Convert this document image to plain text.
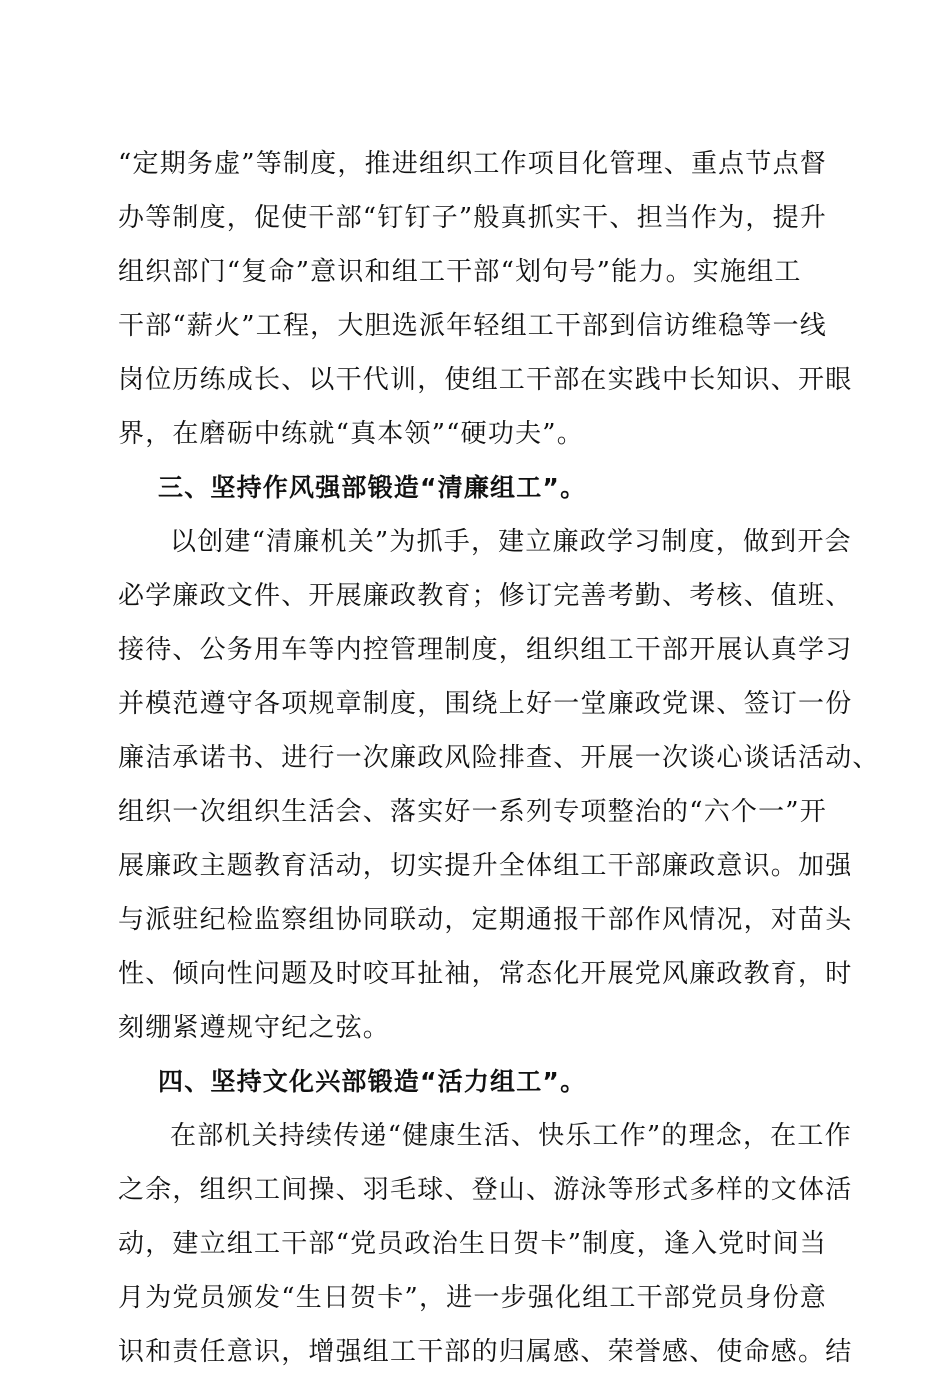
“定期务虚”等制度，推进组织工作项目化管理、重点节点督
办等制度，促使干部“钉钉子”般真抓实干、担当作为，提升
组织部门“复命”意识和组工干部“划句号”能力。实施组工
干部“薪火”工程，大胆选派年轻组工干部到信访维稳等一线
岗位历练成长、以干代训，使组工干部在实践中长知识、开眼
界，在磨砺中练就“真本领”“硬功夫”。
三、坚持作风强部锻造“清廉组工”。
以创建“清廉机关”为抓手，建立廉政学习制度，做到开会
必学廉政文件、开展廉政教育；修订完善考勤、考核、值班、
接待、公务用车等内控管理制度，组织组工干部开展认真学习
并模范遵守各项规章制度，围绕上好一堂廉政党课、签订一份
廉洁承诺书、进行一次廉政风险排查、开展一次谈心谈话活动、
组织一次组织生活会、落实好一系列专项整治的“六个一”开
展廉政主题教育活动，切实提升全体组工干部廉政意识。加强
与派驻纪检监察组协同联动，定期通报干部作风情况，对苗头
性、倾向性问题及时咬耳扯袖，常态化开展党风廉政教育，时
刻绷紧遵规守纪之弦。
四、坚持文化兴部锻造“活力组工”。
在部机关持续传递“健康生活、快乐工作”的理念，在工作
之余，组织工间操、羽毛球、登山、游泳等形式多样的文体活
动，建立组工干部“党员政治生日贺卡”制度，逢入党时间当
月为党员颁发“生日贺卡”，进一步强化组工干部党员身份意
识和责任意识，增强组工干部的归属感、荣誉感、使命感。结
